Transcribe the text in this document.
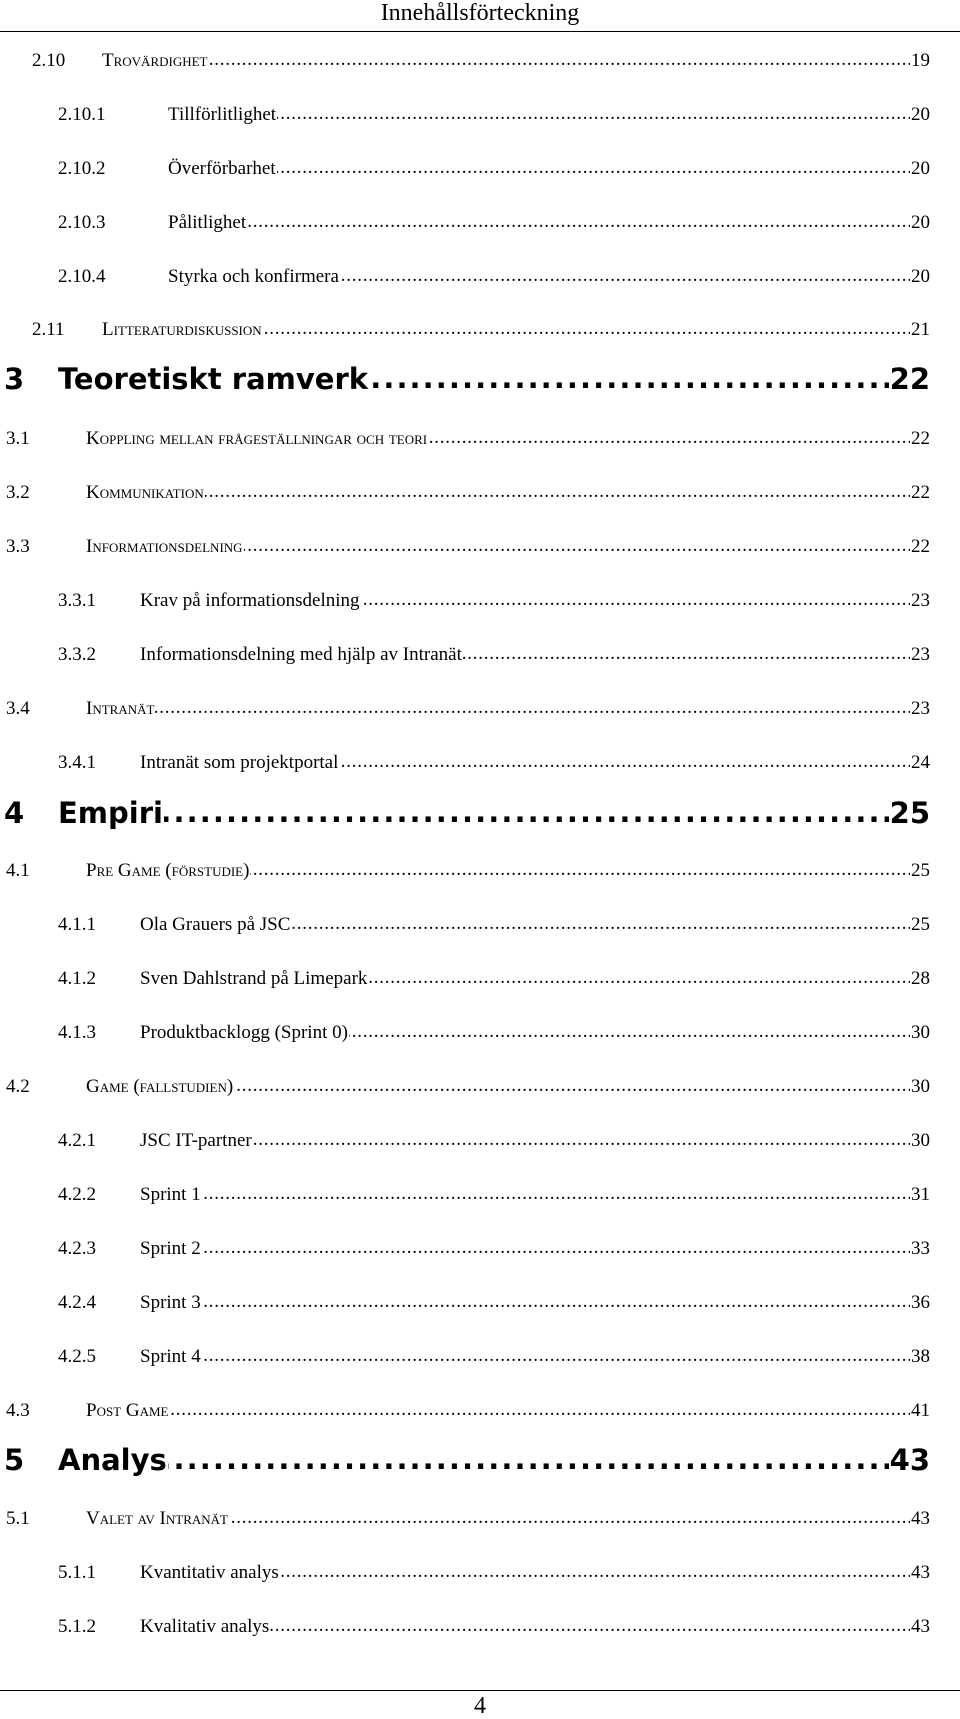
Innehållsförteckning
2.10	Trovärdighet . . .	19
2.10.1	Tillförlitlighet . . .	20
2.10.2	Överförbarhet . . .	20
2.10.3	Pålitlighet . . .	20
2.10.4	Styrka och konfirmera . . .	20
2.11	Litteraturdiskussion . . .	21
3	Teoretiskt ramverk . . .	22
3.1	Koppling mellan frågeställningar och teori . . .	22
3.2	Kommunikation . . .	22
3.3	Informationsdelning . . .	22
3.3.1	Krav på informationsdelning . . .	23
3.3.2	Informationsdelning med hjälp av Intranät . . .	23
3.4	Intranät . . .	23
3.4.1	Intranät som projektportal . . .	24
4	Empiri . . .	25
4.1	Pre Game (förstudie) . . .	25
4.1.1	Ola Grauers på JSC . . .	25
4.1.2	Sven Dahlstrand på Limepark . . .	28
4.1.3	Produktbacklogg (Sprint 0) . . .	30
4.2	Game (fallstudien) . . .	30
4.2.1	JSC IT-partner . . .	30
4.2.2	Sprint 1 . . .	31
4.2.3	Sprint 2 . . .	33
4.2.4	Sprint 3 . . .	36
4.2.5	Sprint 4 . . .	38
4.3	Post Game . . .	41
5	Analys . . .	43
5.1	Valet av Intranät . . .	43
5.1.1	Kvantitativ analys . . .	43
5.1.2	Kvalitativ analys . . .	43
4
